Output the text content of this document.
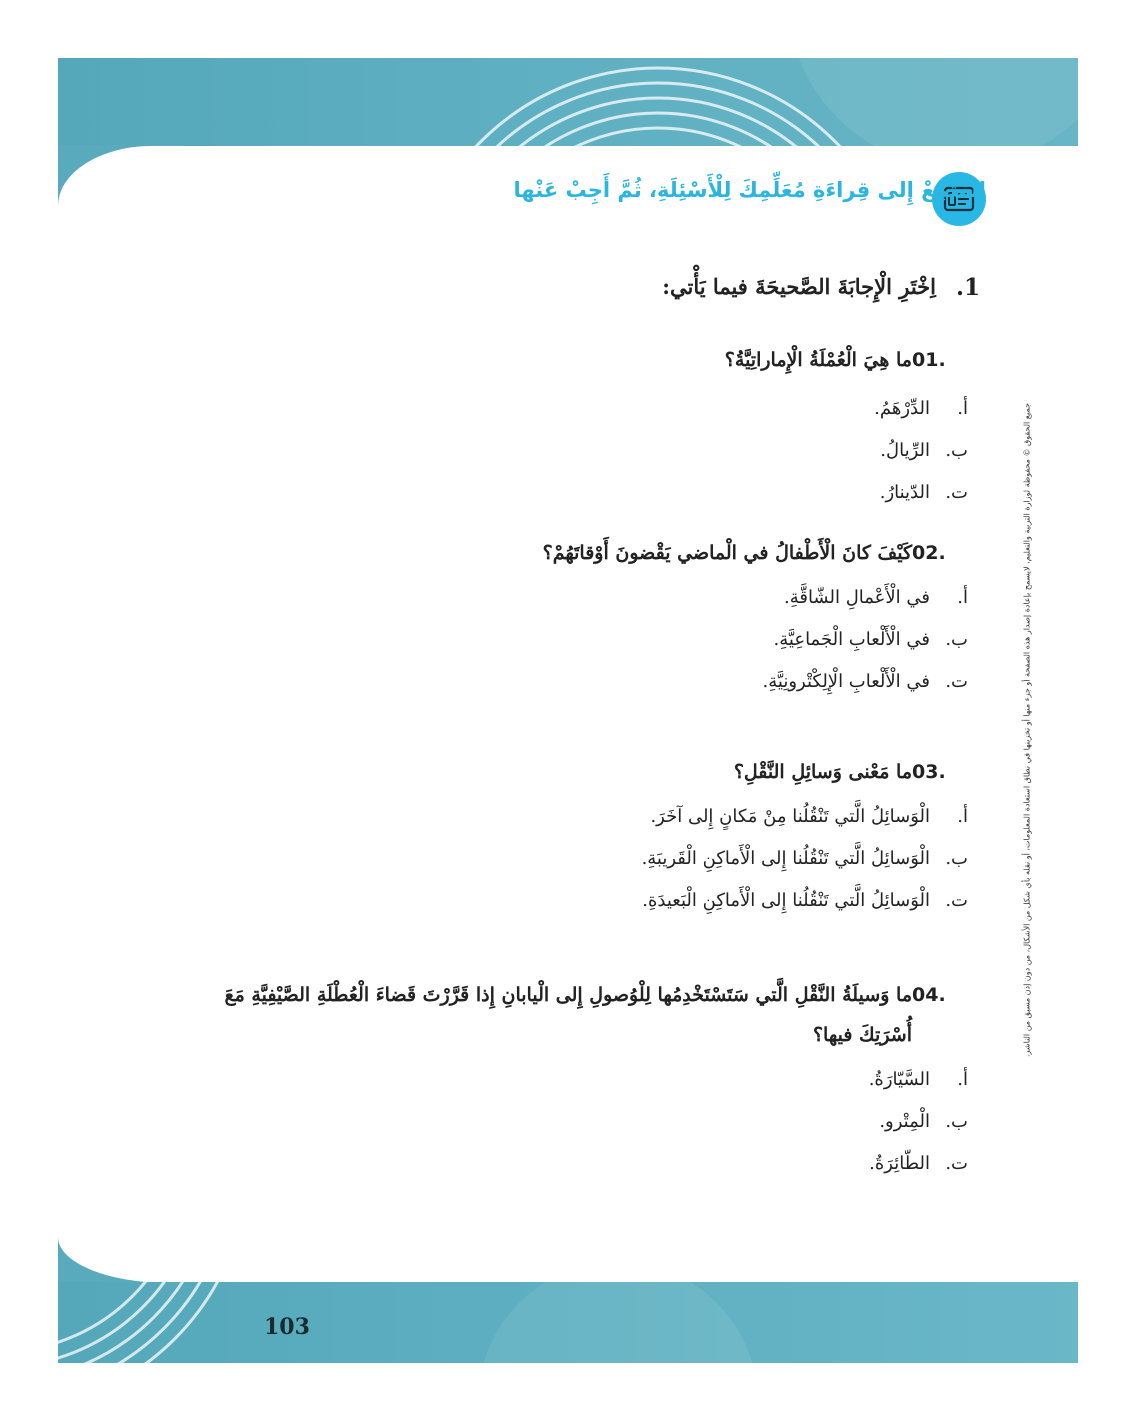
اِسْتَمِعْ إِلى قِراءَةِ مُعَلِّمِكَ لِلْأَسْئِلَةِ، ثُمَّ أَجِبْ عَنْها
جميع الحقوق © محفوظة لوزارة التربية والتعليم، لايسمح بإعادة إصدار هذه الصفحة أو جزء منها أو تخزينها في نطاق استعادة المعلومات، أو نقله بأي شكل من الأشكال، من دون إذن مسبق من الناشر.
1.
اِخْتَرِ الْإِجابَةَ الصَّحيحَةَ فيما يَأْتي:
01.
ما هِيَ الْعُمْلَةُ الْإِماراتِيَّةُ؟
أ.
الدِّرْهَمُ.
ب.
الرِّيالُ.
ت.
الدّينارُ.
02.
كَيْفَ كانَ الْأَطْفالُ في الْماضي يَقْضونَ أَوْقاتَهُمْ؟
أ.
في الْأَعْمالِ الشّاقَّةِ.
ب.
في الْأَلْعابِ الْجَماعِيَّةِ.
ت.
في الْأَلْعابِ الْإِلِكْتْرونِيَّةِ.
03.
ما مَعْنى وَسائِلِ النَّقْلِ؟
أ.
الْوَسائِلُ الَّتي تَنْقُلُنا مِنْ مَكانٍ إِلى آخَرَ.
ب.
الْوَسائِلُ الَّتي تَنْقُلُنا إِلى الْأَماكِنِ الْقَريبَةِ.
ت.
الْوَسائِلُ الَّتي تَنْقُلُنا إِلى الْأَماكِنِ الْبَعيدَةِ.
04.
ما وَسيلَةُ النَّقْلِ الَّتي سَتَسْتَخْدِمُها لِلْوُصولِ إِلى الْيابانِ إِذا قَرَّرْتَ قَضاءَ الْعُطْلَةِ الصَّيْفِيَّةِ مَعَ أُسْرَتِكَ فيها؟
أ.
السَّيّارَةُ.
ب.
الْمِتْرو.
ت.
الطّائِرَةُ.
103
